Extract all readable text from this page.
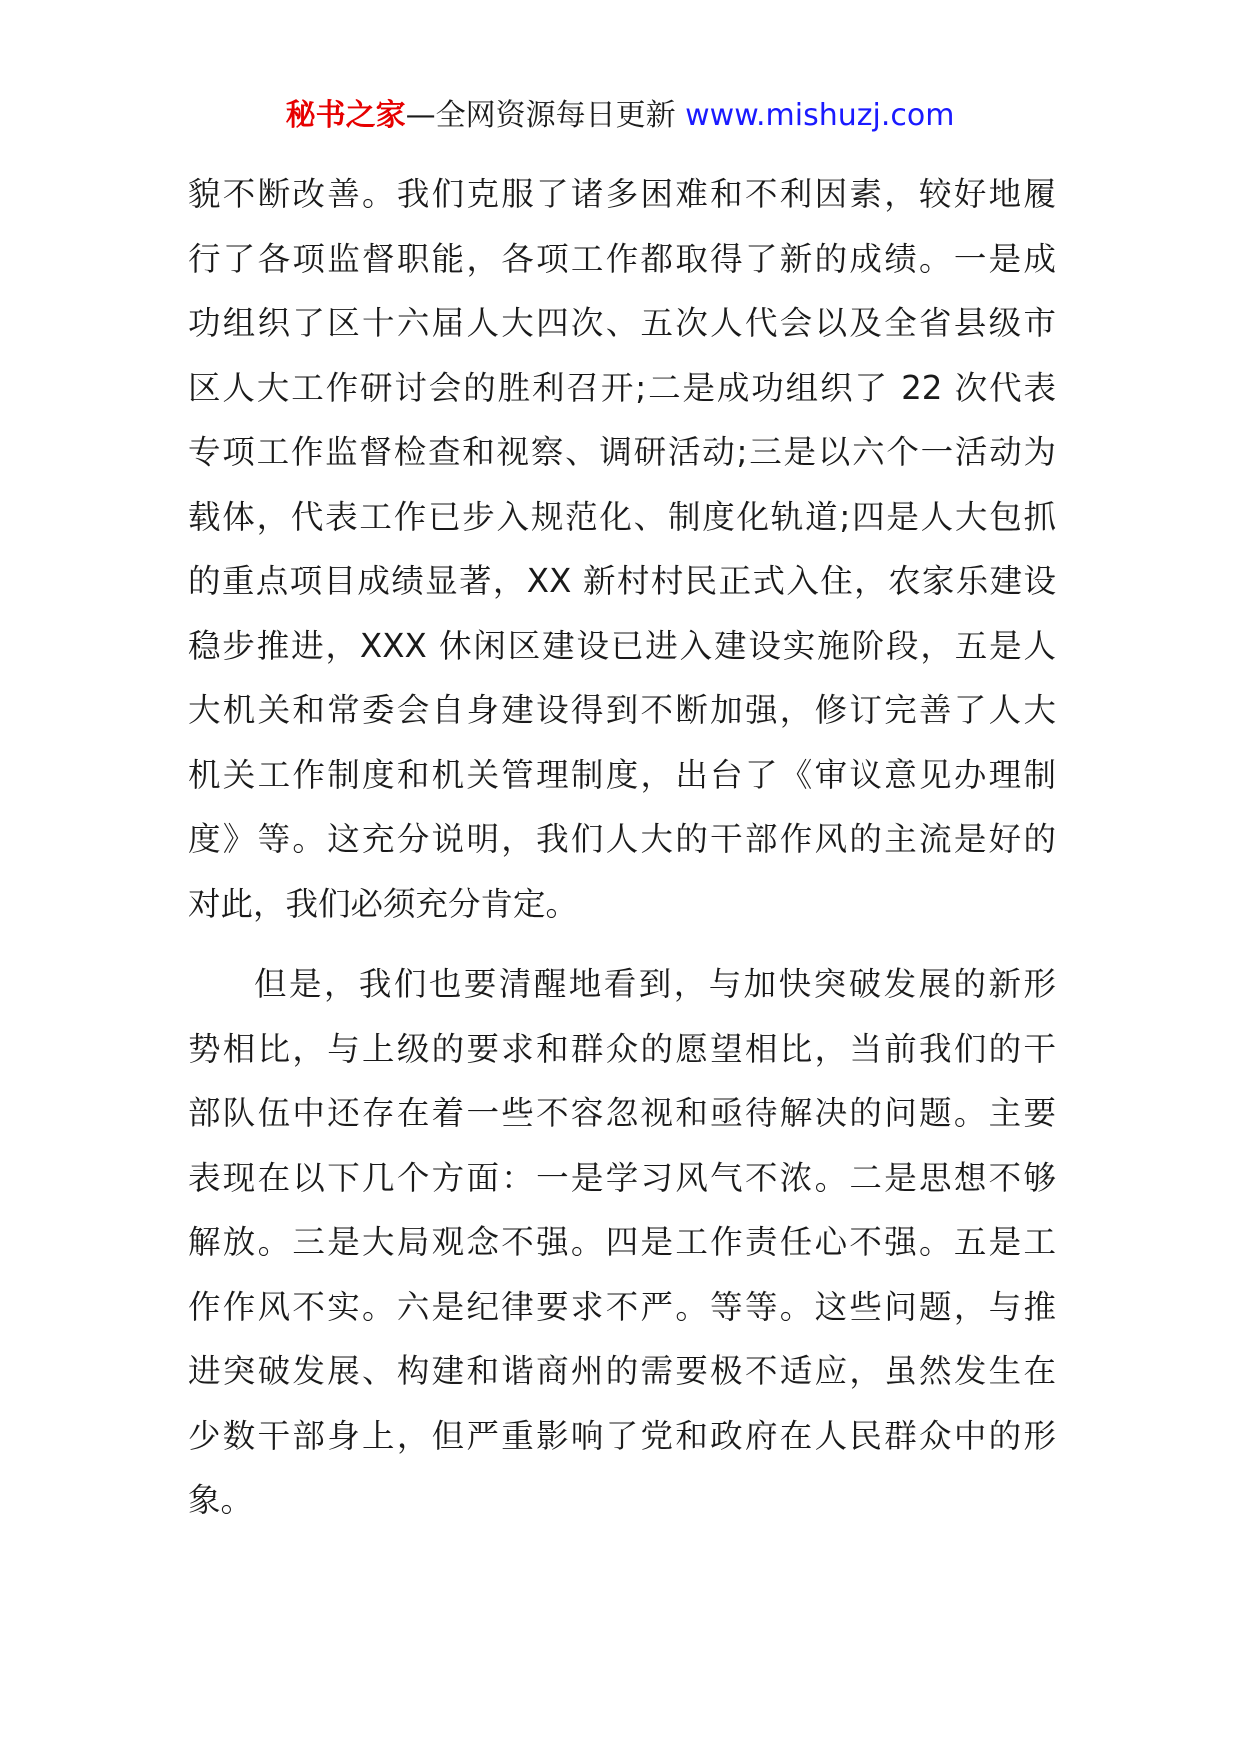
秘书之家—全网资源每日更新 www.mishuzj.com
貌不断改善。我们克服了诸多困难和不利因素，较好地履
行了各项监督职能，各项工作都取得了新的成绩。一是成
功组织了区十六届人大四次、五次人代会以及全省县级市
区人大工作研讨会的胜利召开;二是成功组织了 22 次代表
专项工作监督检查和视察、调研活动;三是以六个一活动为
载体，代表工作已步入规范化、制度化轨道;四是人大包抓
的重点项目成绩显著，XX 新村村民正式入住，农家乐建设
稳步推进，XXX 休闲区建设已进入建设实施阶段，五是人
大机关和常委会自身建设得到不断加强，修订完善了人大
机关工作制度和机关管理制度，出台了《审议意见办理制
度》等。这充分说明，我们人大的干部作风的主流是好的
对此，我们必须充分肯定。
但是，我们也要清醒地看到，与加快突破发展的新形
势相比，与上级的要求和群众的愿望相比，当前我们的干
部队伍中还存在着一些不容忽视和亟待解决的问题。主要
表现在以下几个方面：一是学习风气不浓。二是思想不够
解放。三是大局观念不强。四是工作责任心不强。五是工
作作风不实。六是纪律要求不严。等等。这些问题，与推
进突破发展、构建和谐商州的需要极不适应，虽然发生在
少数干部身上，但严重影响了党和政府在人民群众中的形
象。
